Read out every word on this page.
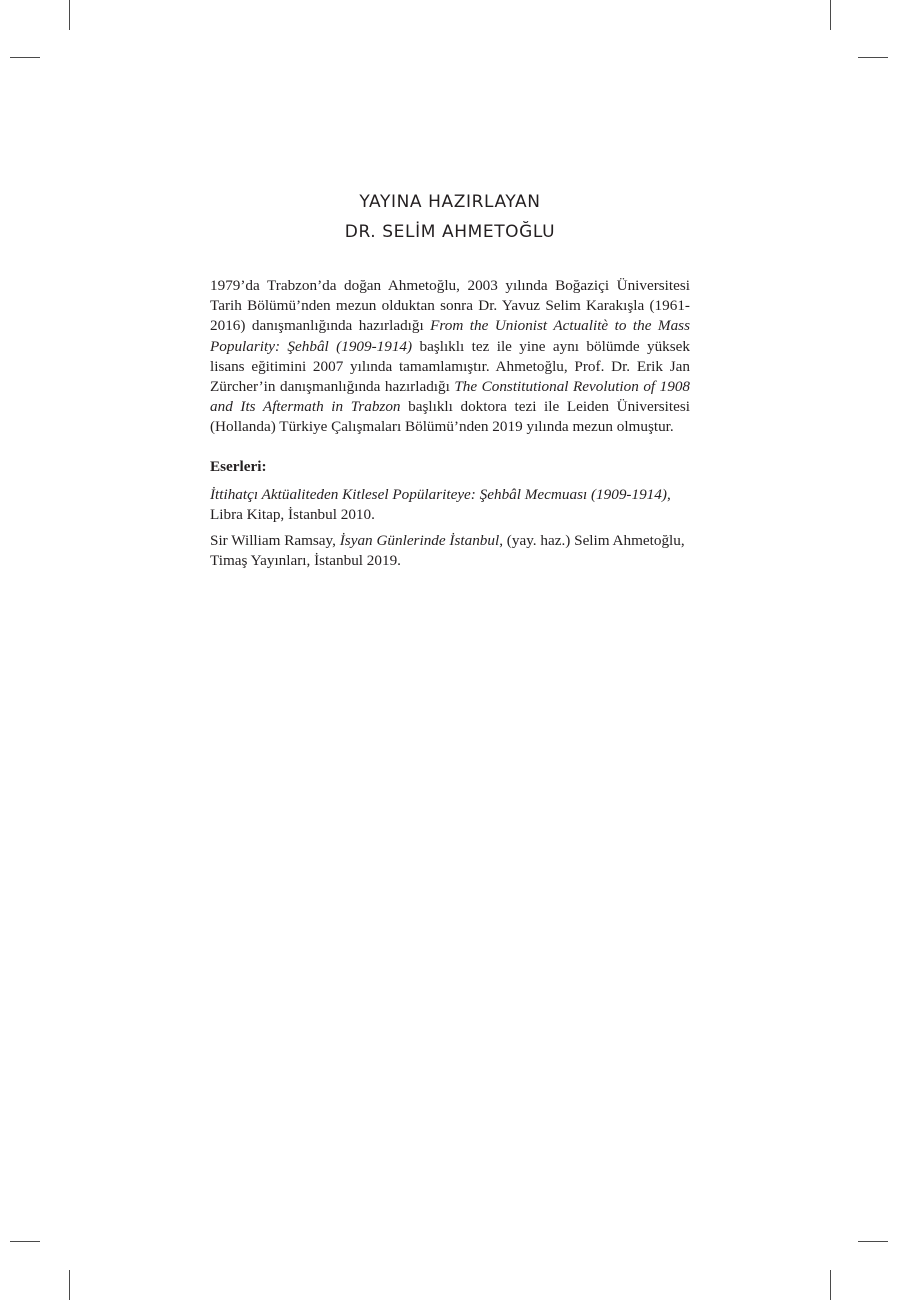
YAYINA HAZIRLAYAN
DR. SELİM AHMETOĞLU

1979’da Trabzon’da doğan Ahmetoğlu, 2003 yılında Boğaziçi Üniversitesi Tarih Bölümü’nden mezun olduktan sonra Dr. Yavuz Selim Karakışla (1961-2016) danışmanlığında hazırladığı From the Unionist Actualitè to the Mass Popularity: Şehbâl (1909-1914) başlıklı tez ile yine aynı bölümde yüksek lisans eğitimini 2007 yılında tamamlamıştır. Ahmetoğlu, Prof. Dr. Erik Jan Zürcher’in danışmanlığında hazırladığı The Constitutional Revolution of 1908 and Its Aftermath in Trabzon başlıklı doktora tezi ile Leiden Üniversitesi (Hollanda) Türkiye Çalışmaları Bölümü’nden 2019 yılında mezun olmuştur.

Eserleri:

İttihatçı Aktüaliteden Kitlesel Popülariteye: Şehbâl Mecmuası (1909-1914), Libra Kitap, İstanbul 2010.

Sir William Ramsay, İsyan Günlerinde İstanbul, (yay. haz.) Selim Ahmetoğlu, Timaş Yayınları, İstanbul 2019.
